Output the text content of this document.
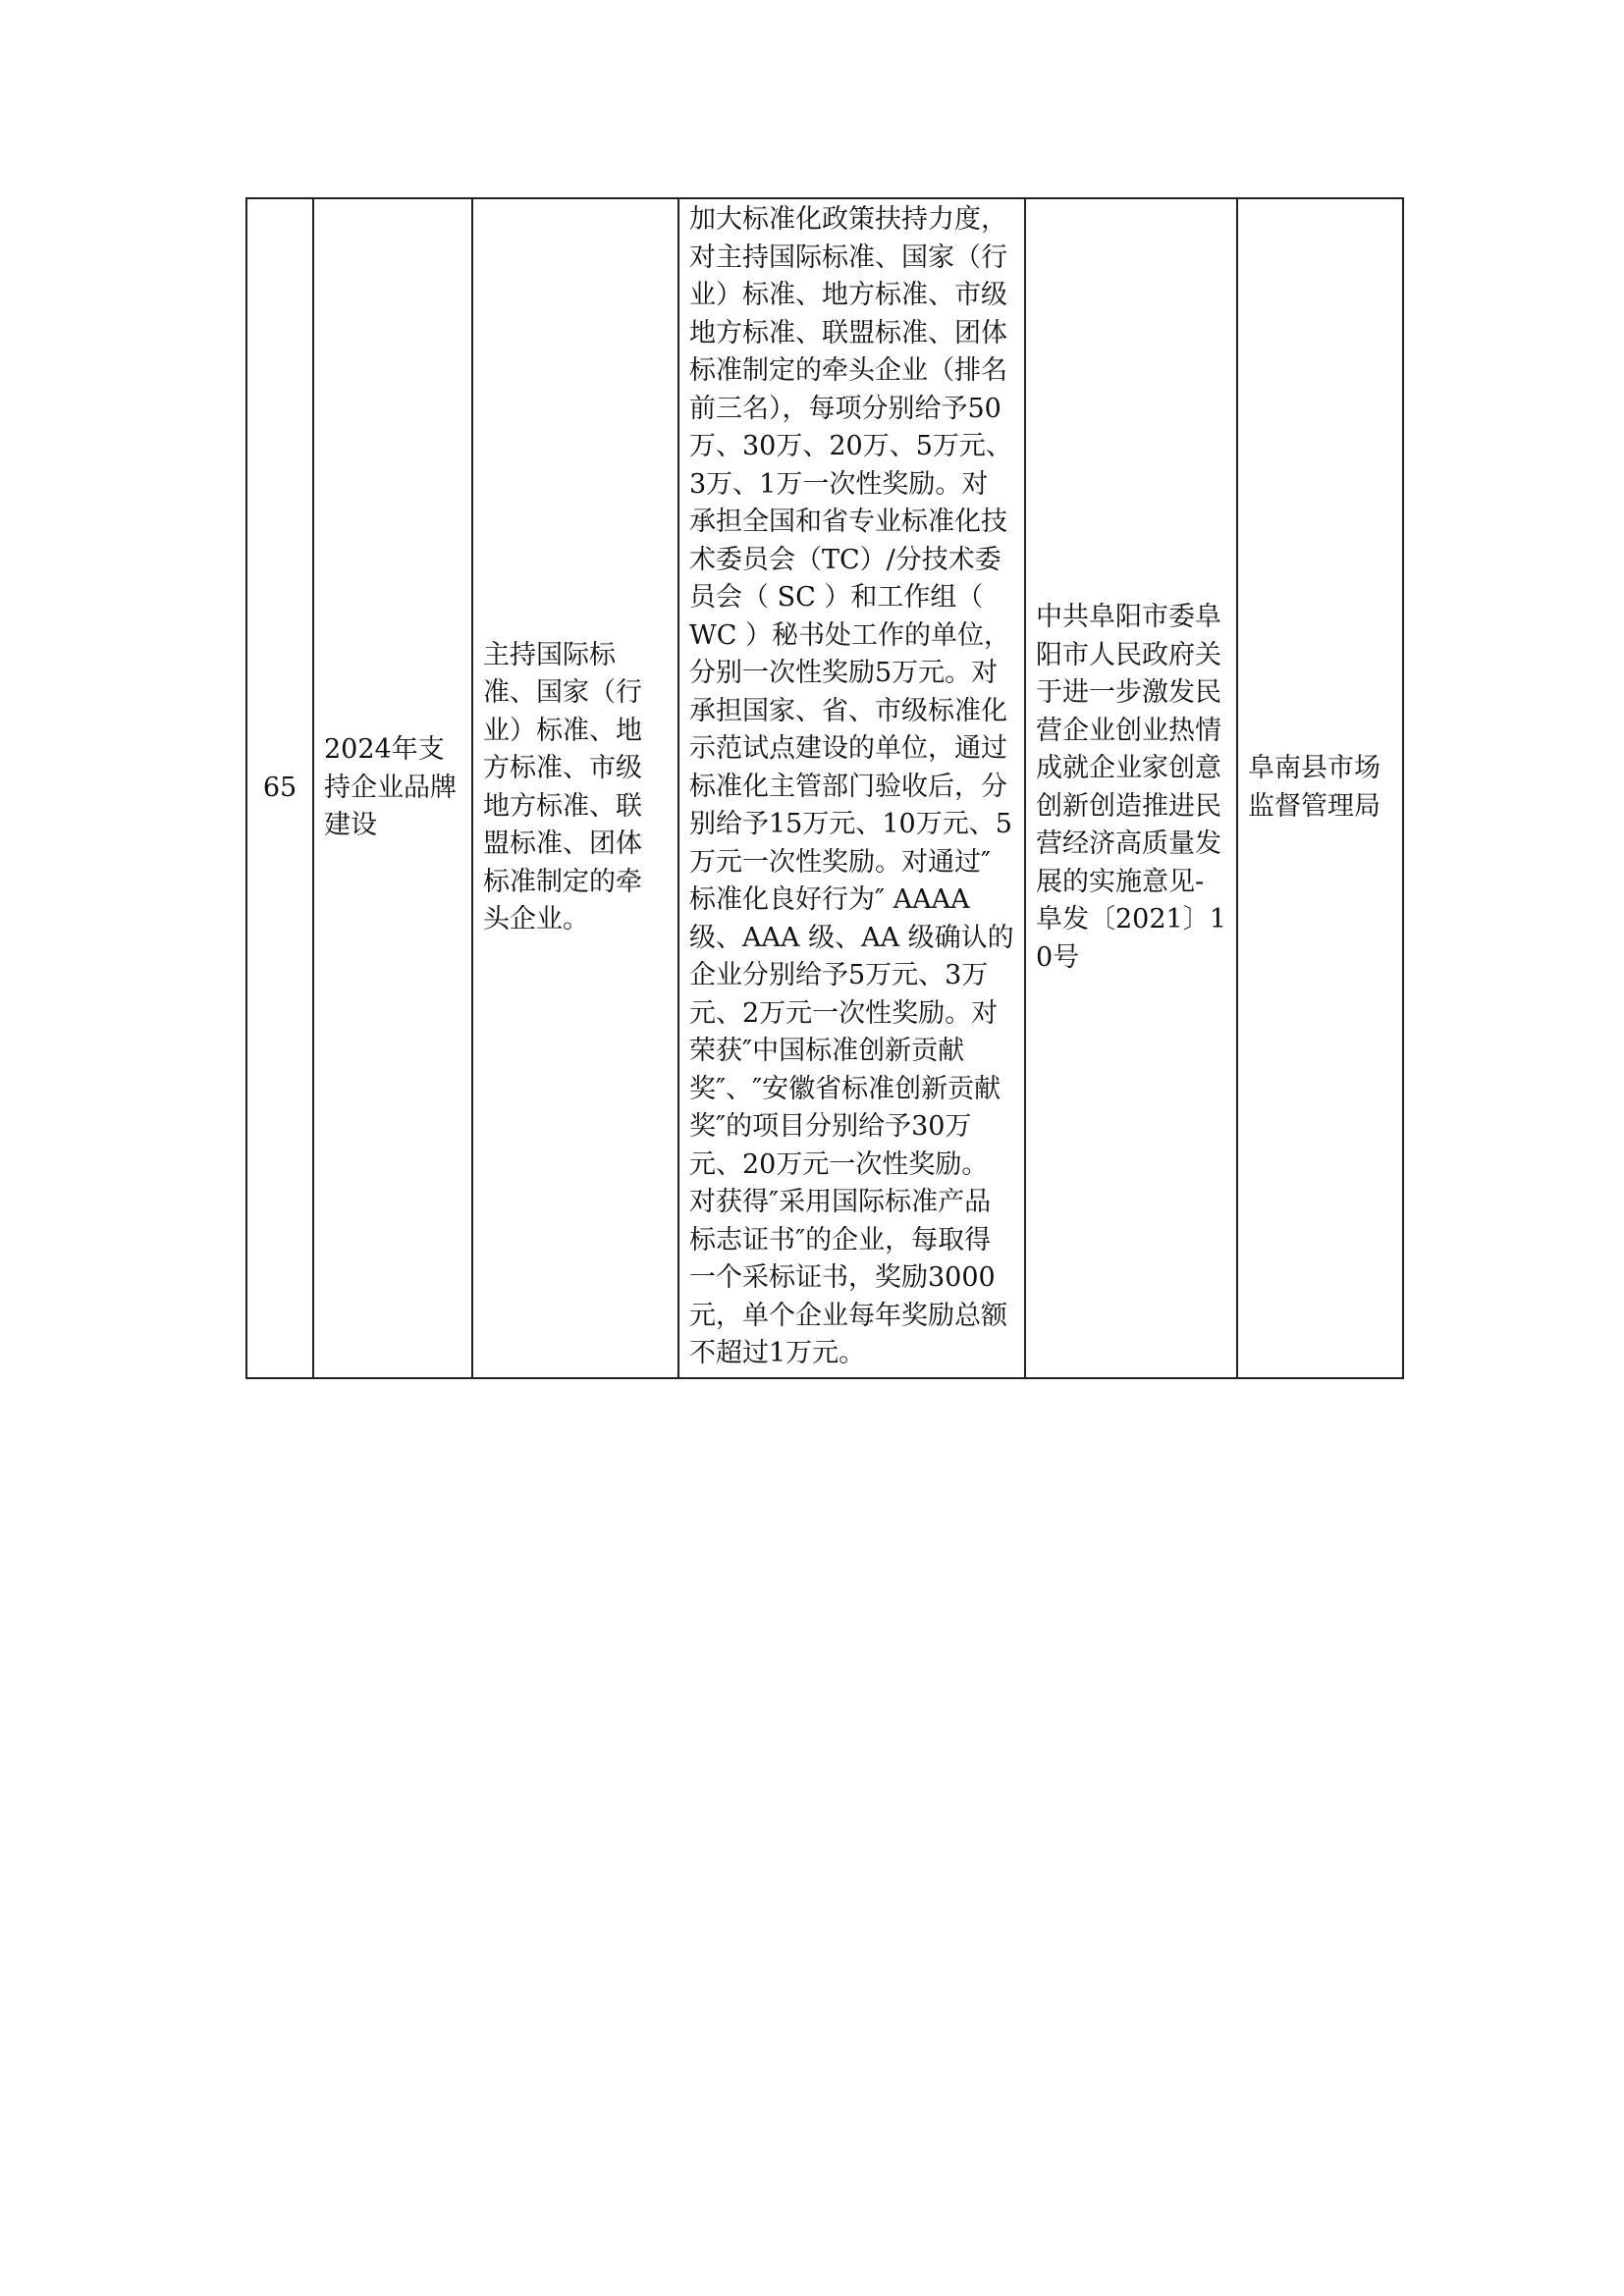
65

2024年支持企业品牌建设

主持国际标准、国家（行业）标准、地方标准、市级地方标准、联盟标准、团体标准制定的牵头企业。

加大标准化政策扶持力度，对主持国际标准、国家（行业）标准、地方标准、市级地方标准、联盟标准、团体标准制定的牵头企业（排名前三名），每项分别给予50万、30万、20万、5万元、3万、1万一次性奖励。对承担全国和省专业标准化技术委员会（TC）/分技术委员会（ SC ）和工作组（ WC ）秘书处工作的单位，分别一次性奖励5万元。对承担国家、省、市级标准化示范试点建设的单位，通过标准化主管部门验收后，分别给予15万元、10万元、5万元一次性奖励。对通过″标准化良好行为″ AAAA 级、AAA 级、AA 级确认的企业分别给予5万元、3万元、2万元一次性奖励。对荣获″中国标准创新贡献奖″、″安徽省标准创新贡献奖″的项目分别给予30万元、20万元一次性奖励。对获得″采用国际标准产品标志证书″的企业，每取得一个采标证书，奖励3000元，单个企业每年奖励总额不超过1万元。

中共阜阳市委阜阳市人民政府关于进一步激发民营企业创业热情成就企业家创意创新创造推进民营经济高质量发展的实施意见-阜发〔2021〕10号

阜南县市场监督管理局
